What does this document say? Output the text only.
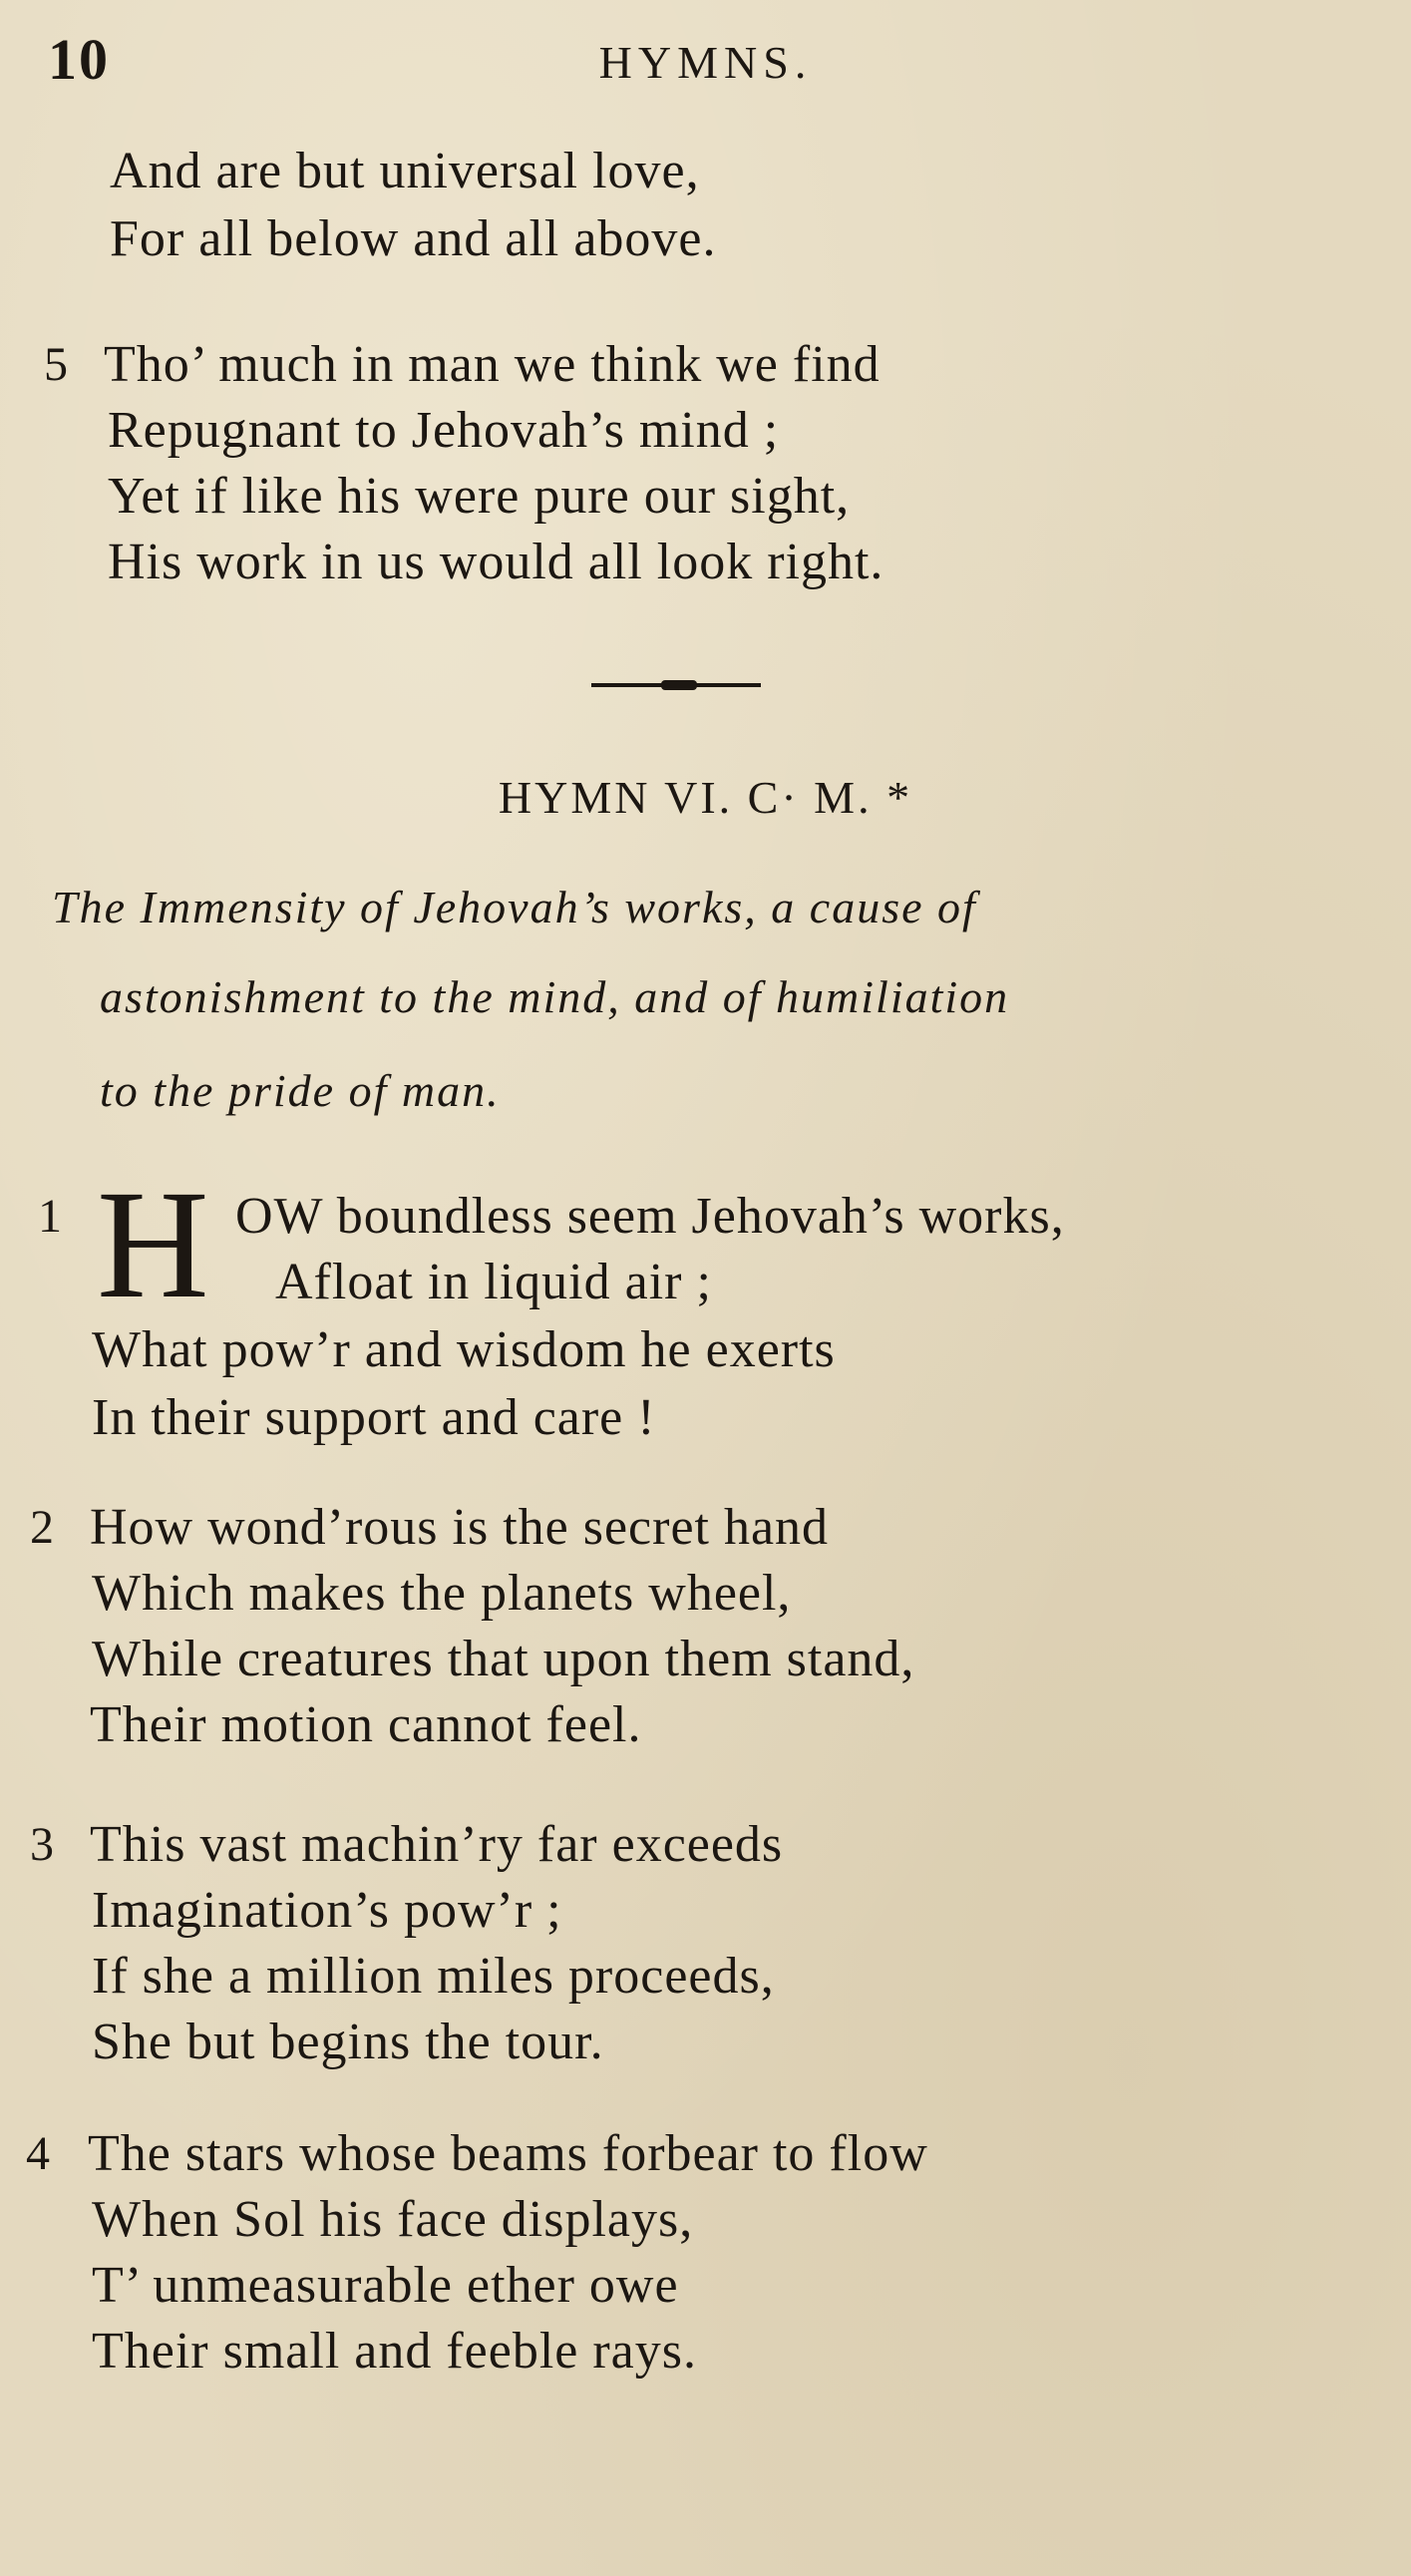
10	HYMNS.
And are but universal love,
For all below and all above.
5 Tho’ much in man we think we find
Repugnant to Jehovah’s mind ;
Yet if like his were pure our sight,
His work in us would all look right.
HYMN VI. C· M. *
The Immensity of Jehovah’s works, a cause of
astonishment to the mind, and of humiliation
to the pride of man.
1 H OW boundless seem Jehovah’s works,
Afloat in liquid air ;
What pow’r and wisdom he exerts
In their support and care !
2 How wond’rous is the secret hand
Which makes the planets wheel,
While creatures that upon them stand,
Their motion cannot feel.
3 This vast machin’ry far exceeds
Imagination’s pow’r ;
If she a million miles proceeds,
She but begins the tour.
4 The stars whose beams forbear to flow
When Sol his face displays,
T’ unmeasurable ether owe
Their small and feeble rays.
